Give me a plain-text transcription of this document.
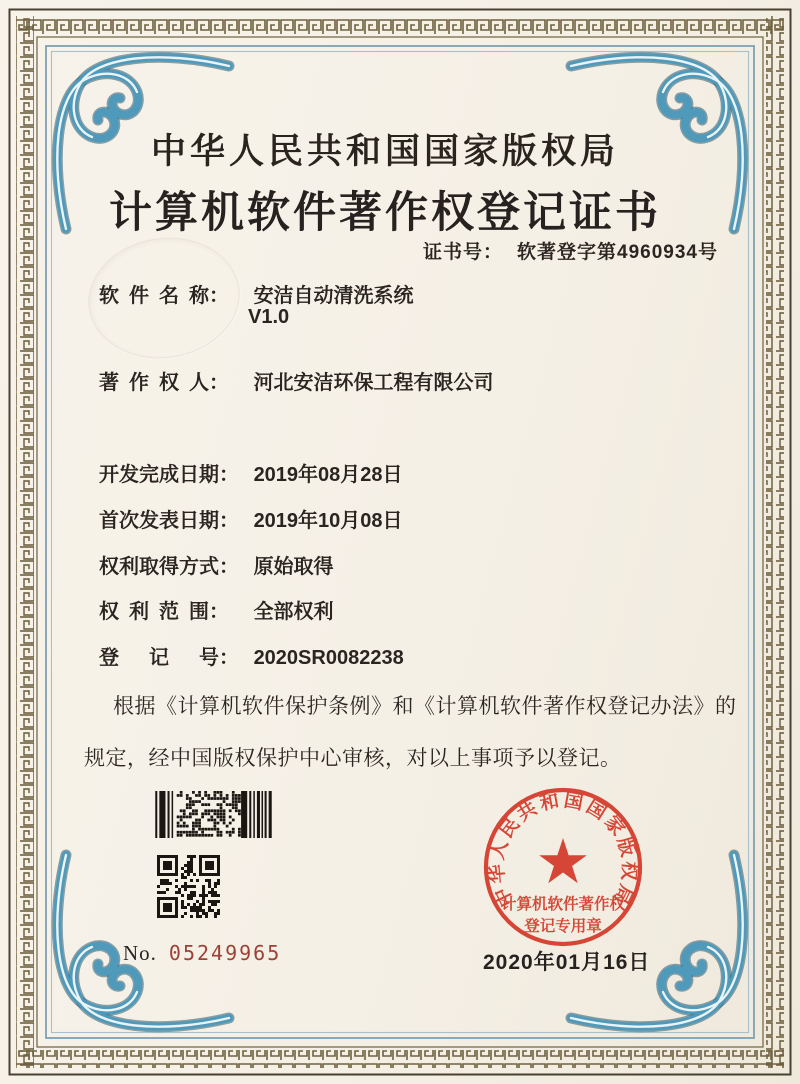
中华人民共和国国家版权局
计算机软件著作权登记证书
证书号： 软著登字第4960934号
软 件 名 称： 安洁自动清洗系统
V1.0
著 作 权 人： 河北安洁环保工程有限公司
开发完成日期： 2019年08月28日
首次发表日期： 2019年10月08日
权利取得方式： 原始取得
权 利 范 围： 全部权利
登  记  号： 2020SR0082238
根据《计算机软件保护条例》和《计算机软件著作权登记办法》的
规定，经中国版权保护中心审核，对以上事项予以登记。
中华人民共和国国家版权局
计算机软件著作权
登记专用章
No. 05249965	2020年01月16日
